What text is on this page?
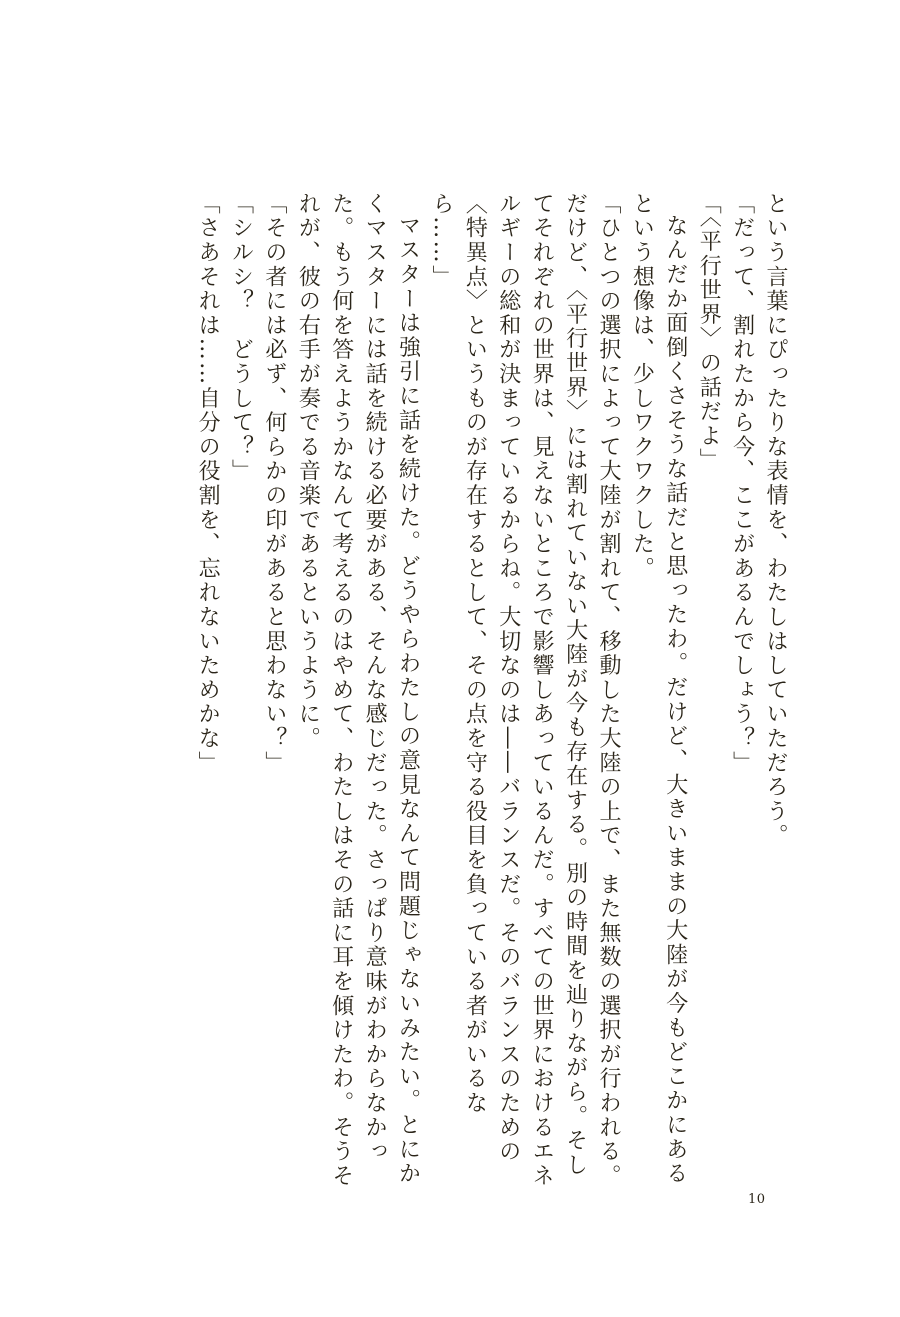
という言葉にぴったりな表情を、わたしはしていただろう。

「だって、割れたから今、ここがあるんでしょう？」

「〈平行世界〉の話だよ」

なんだか面倒くさそうな話だと思ったわ。だけど、大きいままの大陸が今もどこかにあるという想像は、少しワクワクした。

「ひとつの選択によって大陸が割れて、移動した大陸の上で、また無数の選択が行われる。だけど、〈平行世界〉には割れていない大陸が今も存在する。別の時間を辿りながら。そしてそれぞれの世界は、見えないところで影響しあっているんだ。すべての世界におけるエネルギーの総和が決まっているからね。大切なのは――バランスだ。そのバランスのための〈特異点〉というものが存在するとして、その点を守る役目を負っている者がいるなら……」

マスターは強引に話を続けた。どうやらわたしの意見なんて問題じゃないみたい。とにかくマスターには話を続ける必要がある、そんな感じだった。さっぱり意味がわからなかった。もう何を答えようかなんて考えるのはやめて、わたしはその話に耳を傾けたわ。そうそれが、彼の右手が奏でる音楽であるというように。

「その者には必ず、何らかの印があると思わない？」

「シルシ？　どうして？」

「さあそれは……自分の役割を、忘れないためかな」

10
